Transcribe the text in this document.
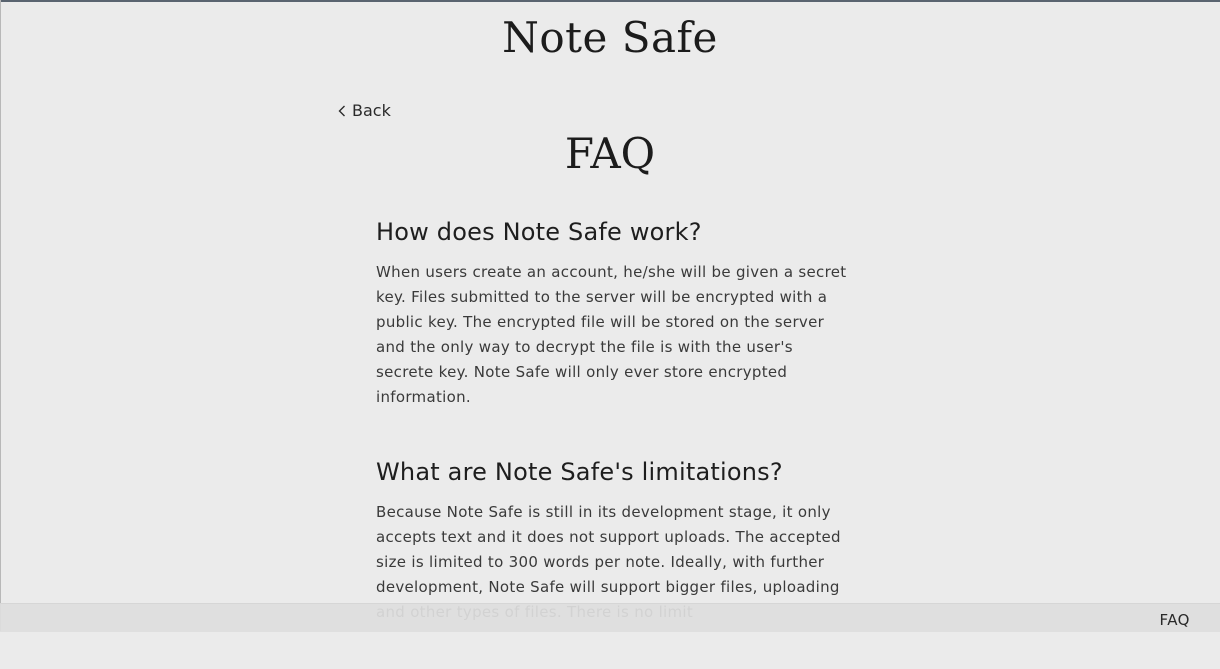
Note Safe
Back
FAQ
How does Note Safe work?

When users create an account, he/she will be given a secret key. Files submitted to the server will be encrypted with a public key. The encrypted file will be stored on the server and the only way to decrypt the file is with the user's secrete key. Note Safe will only ever store encrypted information.

What are Note Safe's limitations?

Because Note Safe is still in its development stage, it only accepts text and it does not support uploads. The accepted size is limited to 300 words per note. Ideally, with further development, Note Safe will support bigger files, uploading

FAQ
